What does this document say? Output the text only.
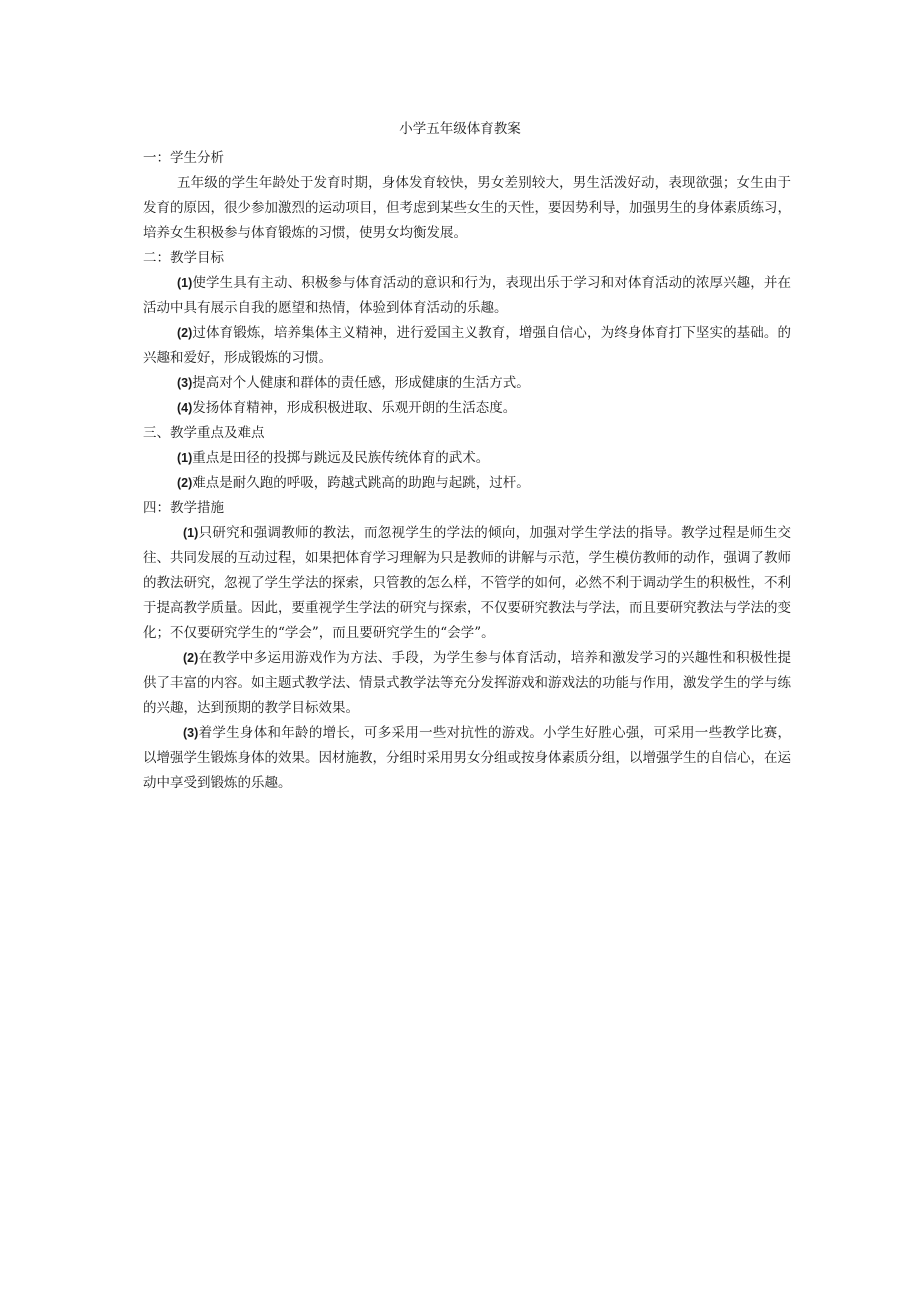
小学五年级体育教案
一：学生分析

五年级的学生年龄处于发育时期，身体发育较快，男女差别较大，男生活泼好动，表现欲强；女生由于发育的原因，很少参加激烈的运动项目，但考虑到某些女生的天性，要因势利导，加强男生的身体素质练习，培养女生积极参与体育锻炼的习惯，使男女均衡发展。

二：教学目标

(1)使学生具有主动、积极参与体育活动的意识和行为，表现出乐于学习和对体育活动的浓厚兴趣，并在活动中具有展示自我的愿望和热情，体验到体育活动的乐趣。

(2)过体育锻炼，培养集体主义精神，进行爱国主义教育，增强自信心，为终身体育打下坚实的基础。的兴趣和爱好，形成锻炼的习惯。

(3)提高对个人健康和群体的责任感，形成健康的生活方式。

(4)发扬体育精神，形成积极进取、乐观开朗的生活态度。

三、教学重点及难点

(1)重点是田径的投掷与跳远及民族传统体育的武术。

(2)难点是耐久跑的呼吸，跨越式跳高的助跑与起跳，过杆。

四：教学措施

(1)只研究和强调教师的教法，而忽视学生的学法的倾向，加强对学生学法的指导。教学过程是师生交往、共同发展的互动过程，如果把体育学习理解为只是教师的讲解与示范，学生模仿教师的动作，强调了教师的教法研究，忽视了学生学法的探索，只管教的怎么样，不管学的如何，必然不利于调动学生的积极性，不利于提高教学质量。因此，要重视学生学法的研究与探索，不仅要研究教法与学法，而且要研究教法与学法的变化；不仅要研究学生的“学会”，而且要研究学生的“会学”。

(2)在教学中多运用游戏作为方法、手段，为学生参与体育活动，培养和激发学习的兴趣性和积极性提供了丰富的内容。如主题式教学法、情景式教学法等充分发挥游戏和游戏法的功能与作用，激发学生的学与练的兴趣，达到预期的教学目标效果。

(3)着学生身体和年龄的增长，可多采用一些对抗性的游戏。小学生好胜心强，可采用一些教学比赛，以增强学生锻炼身体的效果。因材施教，分组时采用男女分组或按身体素质分组，以增强学生的自信心，在运动中享受到锻炼的乐趣。
